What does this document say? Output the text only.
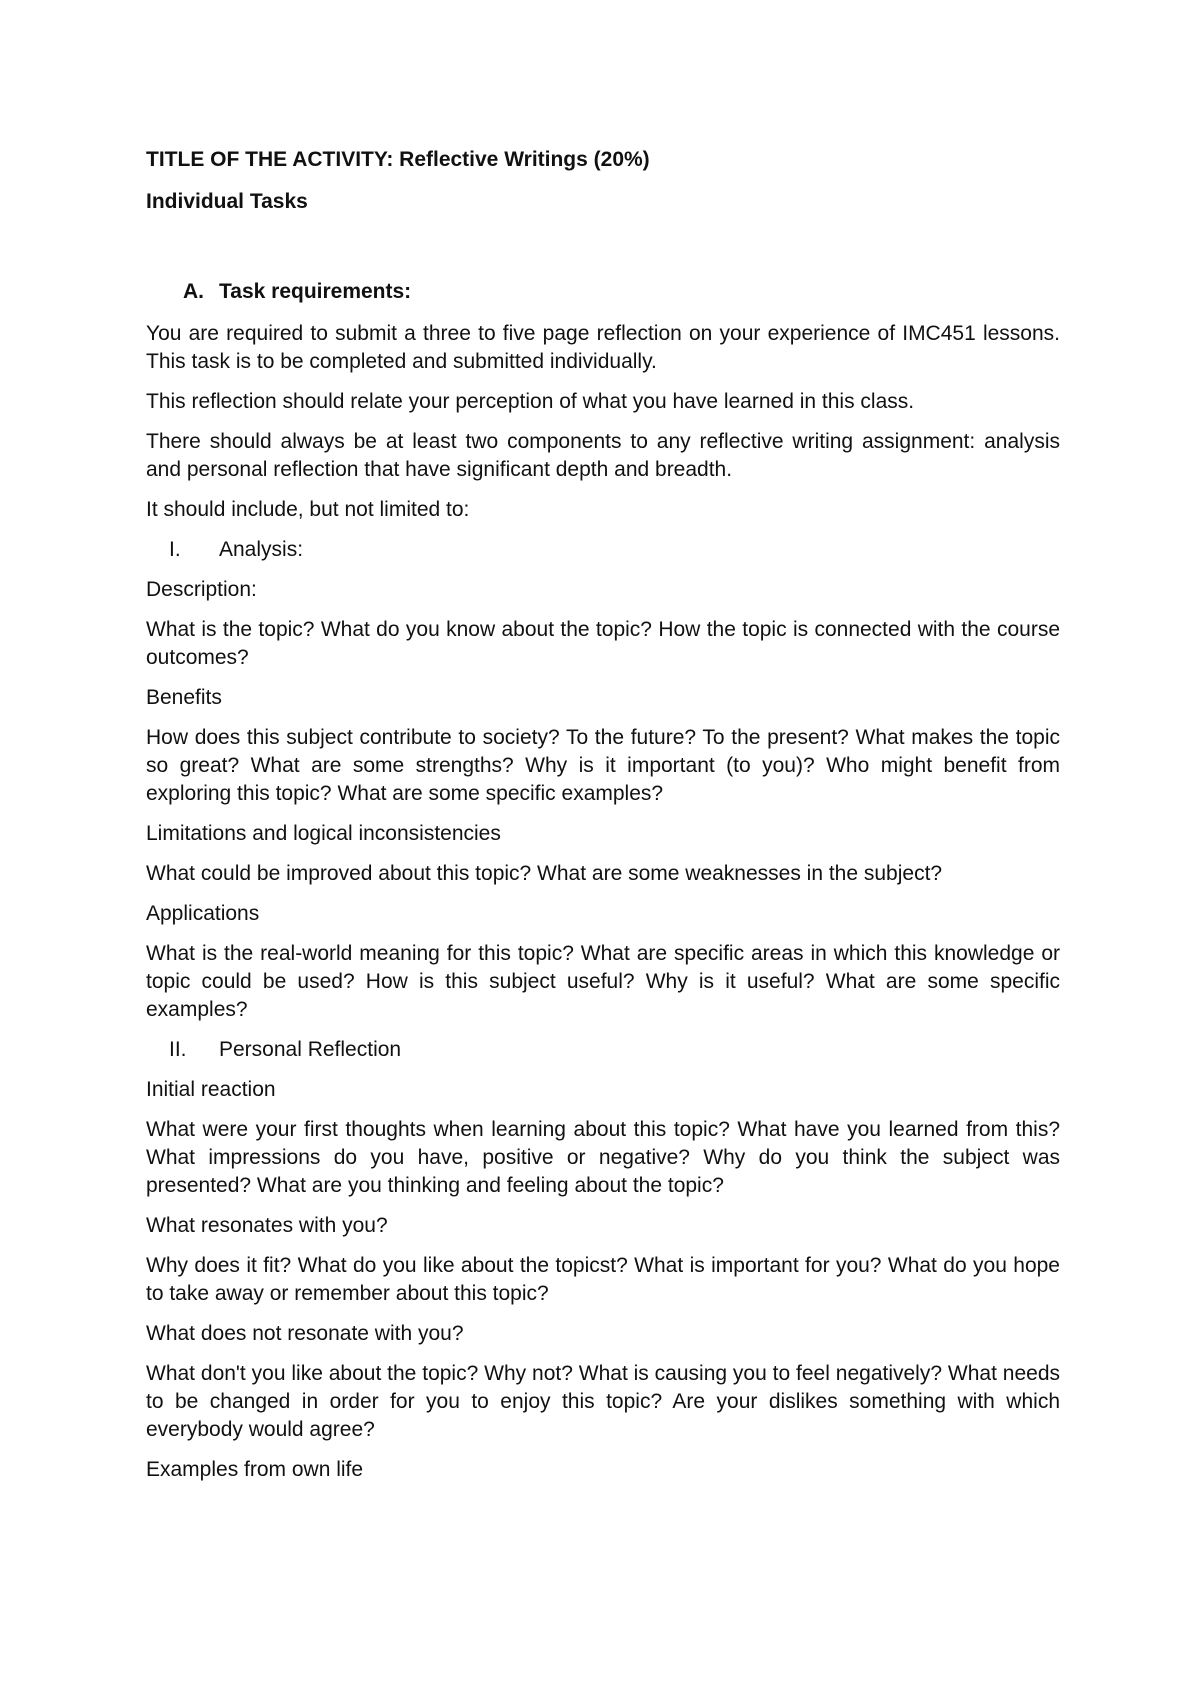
TITLE OF THE ACTIVITY: Reflective Writings (20%)

Individual Tasks

A. Task requirements:

You are required to submit a three to five page reflection on your experience of IMC451 lessons. This task is to be completed and submitted individually.

This reflection should relate your perception of what you have learned in this class.

There should always be at least two components to any reflective writing assignment: analysis and personal reflection that have significant depth and breadth.

It should include, but not limited to:

I.	Analysis:

Description:

What is the topic? What do you know about the topic? How the topic is connected with the course outcomes?

Benefits

How does this subject contribute to society? To the future? To the present? What makes the topic so great? What are some strengths? Why is it important (to you)? Who might benefit from exploring this topic? What are some specific examples?

Limitations and logical inconsistencies

What could be improved about this topic? What are some weaknesses in the subject?

Applications

What is the real-world meaning for this topic? What are specific areas in which this knowledge or topic could be used? How is this subject useful? Why is it useful? What are some specific examples?

II.	Personal Reflection

Initial reaction

What were your first thoughts when learning about this topic? What have you learned from this? What impressions do you have, positive or negative? Why do you think the subject was presented? What are you thinking and feeling about the topic?

What resonates with you?

Why does it fit? What do you like about the topicst? What is important for you? What do you hope to take away or remember about this topic?

What does not resonate with you?

What don't you like about the topic? Why not? What is causing you to feel negatively? What needs to be changed in order for you to enjoy this topic? Are your dislikes something with which everybody would agree?

Examples from own life
